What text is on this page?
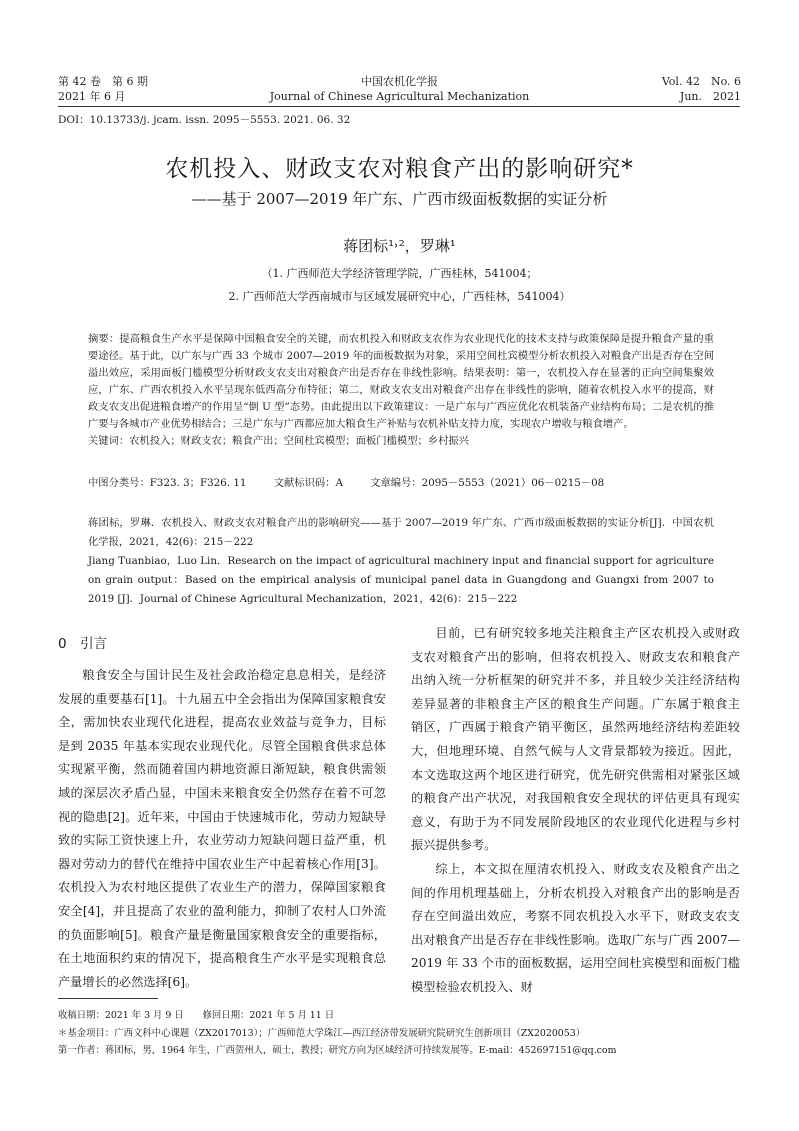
第 42 卷　第 6 期
2021 年 6 月
中国农机化学报
Journal of Chinese Agricultural Mechanization
Vol. 42　No. 6
Jun.　2021
DOI：10.13733/j. jcam. issn. 2095－5553. 2021. 06. 32
农机投入、财政支农对粮食产出的影响研究*
——基于 2007—2019 年广东、广西市级面板数据的实证分析
蒋团标¹˒²，罗琳¹
（1. 广西师范大学经济管理学院，广西桂林，541004；
2. 广西师范大学西南城市与区域发展研究中心，广西桂林，541004）

摘要：提高粮食生产水平是保障中国粮食安全的关键，而农机投入和财政支农作为农业现代化的技术支持与政策保障是提升粮食产量的重要途径。基于此，以广东与广西 33 个城市 2007—2019 年的面板数据为对象，采用空间杜宾模型分析农机投入对粮食产出是否存在空间溢出效应，采用面板门槛模型分析财政支农支出对粮食产出是否存在非线性影响。结果表明：第一，农机投入存在显著的正向空间集聚效应，广东、广西农机投入水平呈现东低西高分布特征；第二，财政支农支出对粮食产出存在非线性的影响，随着农机投入水平的提高，财政支农支出促进粮食增产的作用呈“倒 U 型”态势。由此提出以下政策建议：一是广东与广西应优化农机装备产业结构布局；二是农机的推广要与各城市产业优势相结合；三是广东与广西都应加大粮食生产补贴与农机补贴支持力度，实现农户增收与粮食增产。

关键词：农机投入；财政支农；粮食产出；空间杜宾模型；面板门槛模型；乡村振兴

中图分类号：F323. 3；F326. 11	文献标识码：A	文章编号：2095－5553（2021）06－0215－08

蒋团标，罗琳．农机投入、财政支农对粮食产出的影响研究——基于 2007—2019 年广东、广西市级面板数据的实证分析[J]．中国农机化学报，2021，42(6)：215－222

Jiang Tuanbiao，Luo Lin．Research on the impact of agricultural machinery input and financial support for agriculture on grain output：Based on the empirical analysis of municipal panel data in Guangdong and Guangxi from 2007 to 2019 [J]．Journal of Chinese Agricultural Mechanization，2021，42(6)：215－222

0　引言

粮食安全与国计民生及社会政治稳定息息相关，是经济发展的重要基石[1]。十九届五中全会指出为保障国家粮食安全，需加快农业现代化进程，提高农业效益与竞争力，目标是到 2035 年基本实现农业现代化。尽管全国粮食供求总体实现紧平衡，然而随着国内耕地资源日渐短缺，粮食供需领域的深层次矛盾凸显，中国未来粮食安全仍然存在着不可忽视的隐患[2]。近年来，中国由于快速城市化，劳动力短缺导致的实际工资快速上升，农业劳动力短缺问题日益严重，机器对劳动力的替代在维持中国农业生产中起着核心作用[3]。农机投入为农村地区提供了农业生产的潜力，保障国家粮食安全[4]，并且提高了农业的盈利能力，抑制了农村人口外流的负面影响[5]。粮食产量是衡量国家粮食安全的重要指标，在土地面积约束的情况下，提高粮食生产水平是实现粮食总产量增长的必然选择[6]。

目前，已有研究较多地关注粮食主产区农机投入或财政支农对粮食产出的影响，但将农机投入、财政支农和粮食产出纳入统一分析框架的研究并不多，并且较少关注经济结构差异显著的非粮食主产区的粮食生产问题。广东属于粮食主销区，广西属于粮食产销平衡区，虽然两地经济结构差距较大，但地理环境、自然气候与人文背景都较为接近。因此，本文选取这两个地区进行研究，优先研究供需相对紧张区域的粮食产出产状况，对我国粮食安全现状的评估更具有现实意义，有助于为不同发展阶段地区的农业现代化进程与乡村振兴提供参考。

综上，本文拟在厘清农机投入、财政支农及粮食产出之间的作用机理基础上，分析农机投入对粮食产出的影响是否存在空间溢出效应，考察不同农机投入水平下，财政支农支出对粮食产出是否存在非线性影响。选取广东与广西 2007—2019 年 33 个市的面板数据，运用空间杜宾模型和面板门槛模型检验农机投入、财

收稿日期：2021 年 3 月 9 日　　修回日期：2021 年 5 月 11 日
＊基金项目：广西文科中心课题（ZX2017013）；广西师范大学珠江—西江经济带发展研究院研究生创新项目（ZX2020053）
第一作者：蒋团标，男，1964 年生，广西贺州人，硕士，教授；研究方向为区域经济可持续发展等。E-mail：452697151@qq.com
